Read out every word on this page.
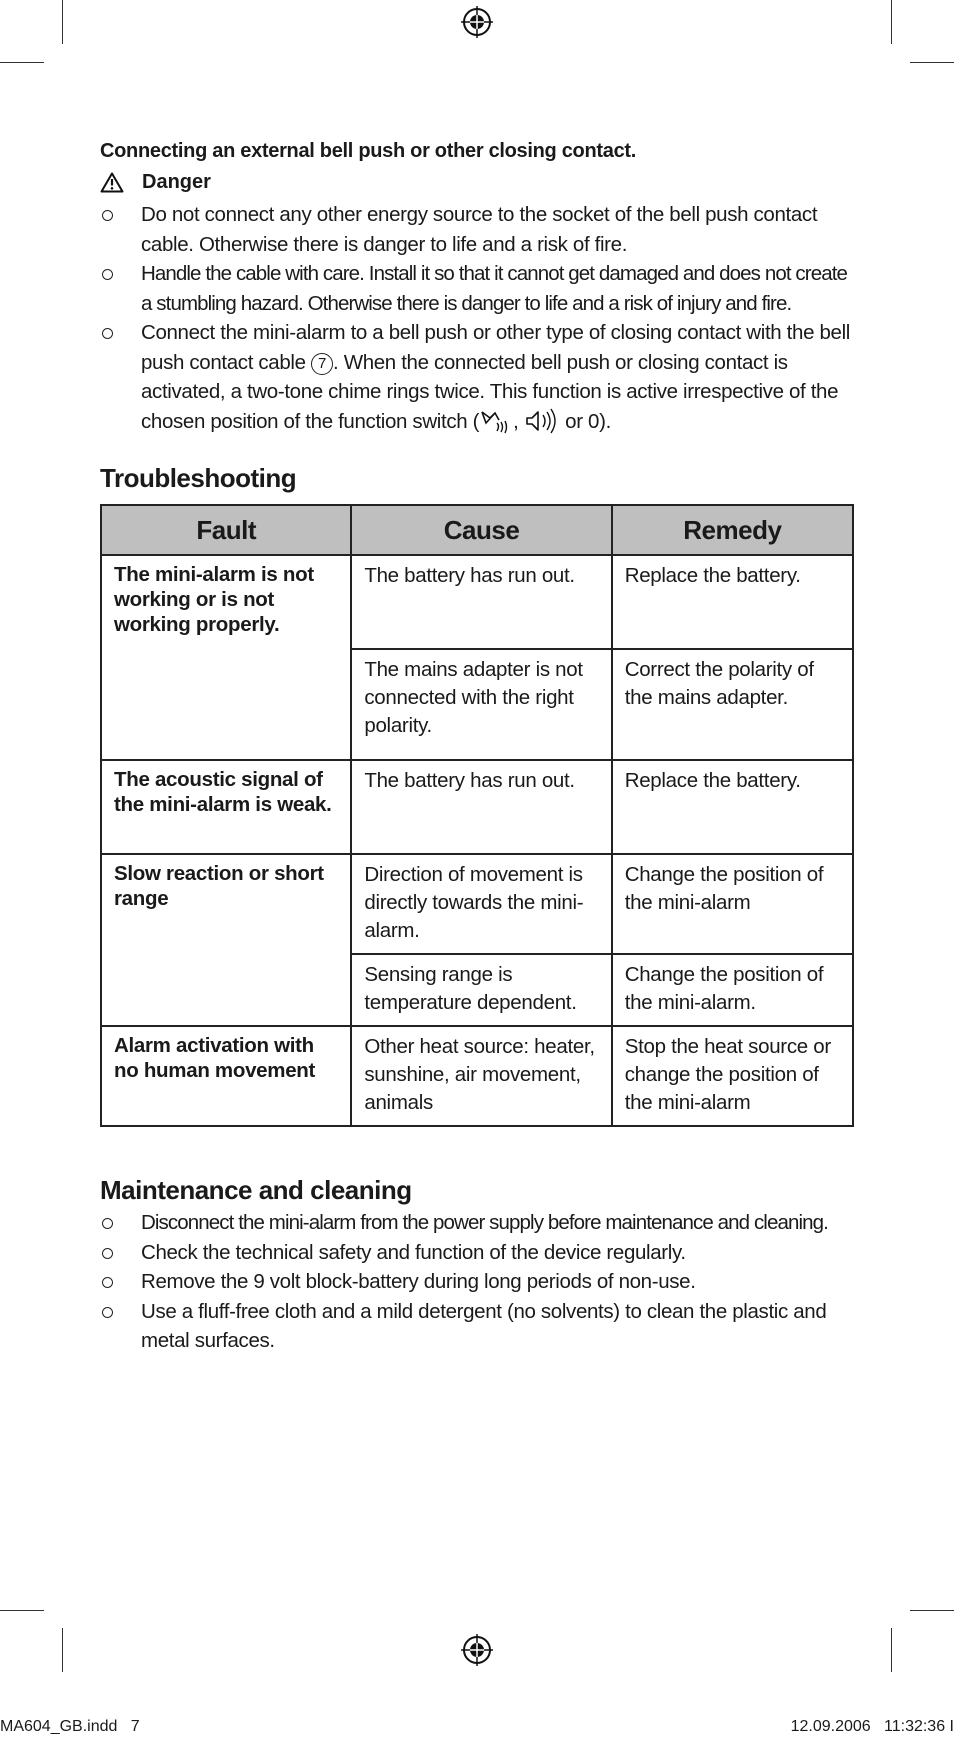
Connecting an external bell push or other closing contact.
Danger
Do not connect any other energy source to the socket of the bell push contact cable. Otherwise there is danger to life and a risk of fire.
Handle the cable with care. Install it so that it cannot get damaged and does not create a stumbling hazard. Otherwise there is danger to life and a risk of injury and fire.
Connect the mini-alarm to a bell push or other type of closing contact with the bell push contact cable 7 . When the connected bell push or closing contact is activated, a two-tone chime rings twice. This function is active irrespective of the chosen position of the function switch ( ,  or 0).
Troubleshooting
Fault	Cause	Remedy
The mini-alarm is not working or is not working properly.	The battery has run out.	Replace the battery.
	The mains adapter is not connected with the right polarity.	Correct the polarity of the mains adapter.
The acoustic signal of the mini-alarm is weak.	The battery has run out.	Replace the battery.
Slow reaction or short range	Direction of movement is directly towards the mini-alarm.	Change the position of the mini-alarm
	Sensing range is temperature dependent.	Change the position of the mini-alarm.
Alarm activation with no human movement	Other heat source: heater, sunshine, air movement, animals	Stop the heat source or change the position of the mini-alarm
Maintenance and cleaning
Disconnect the mini-alarm from the power supply before maintenance and cleaning.
Check the technical safety and function of the device regularly.
Remove the 9 volt block-battery during long periods of non-use.
Use a fluff-free cloth and a mild detergent (no solvents) to clean the plastic and metal surfaces.
MA604_GB.indd   7	12.09.2006   11:32:36 I
